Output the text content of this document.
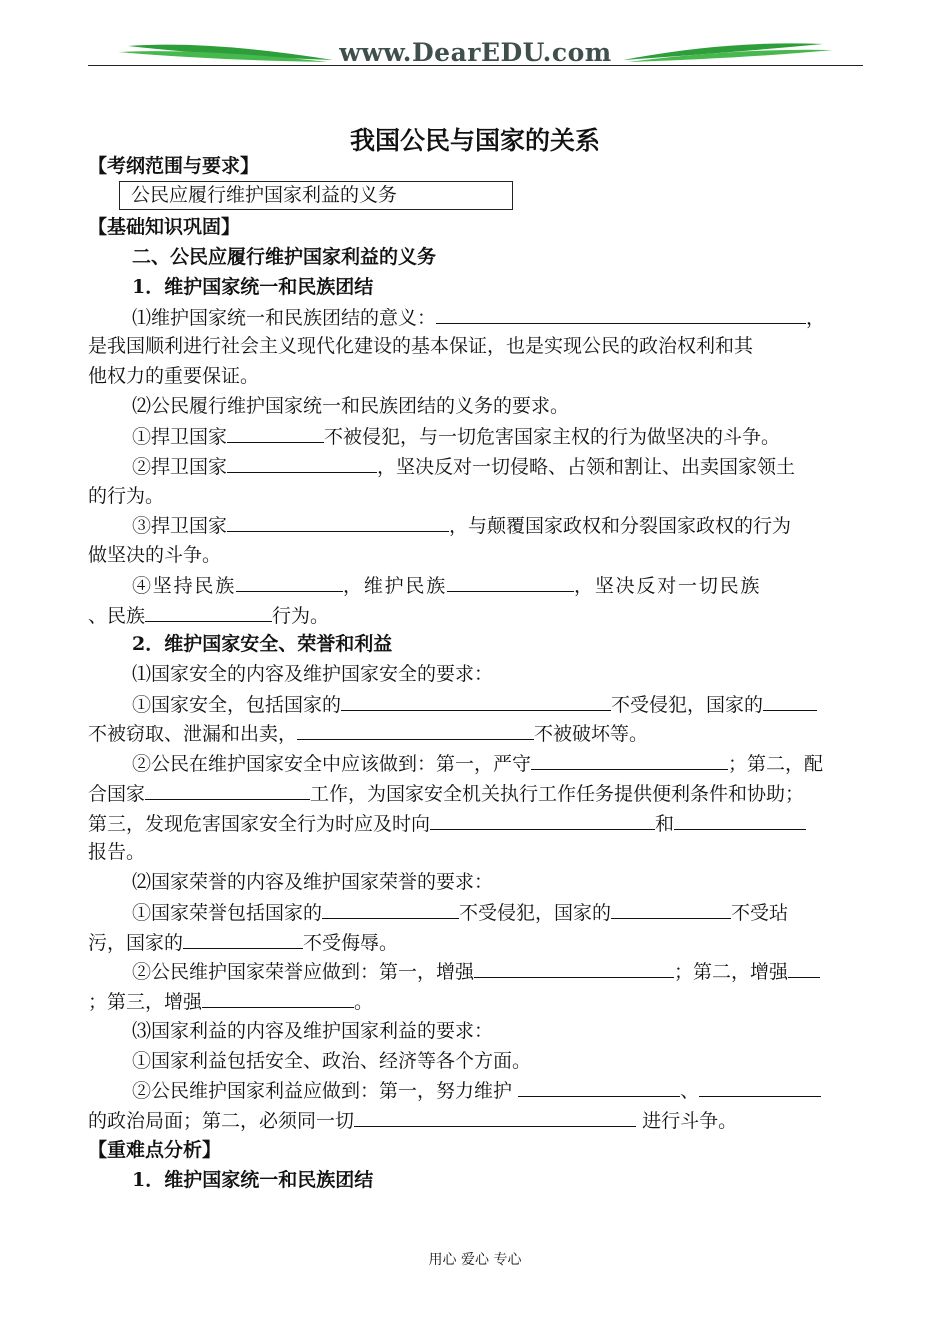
www.DearEDU.com
我国公民与国家的关系
【考纲范围与要求】
公民应履行维护国家利益的义务
【基础知识巩固】
二、公民应履行维护国家利益的义务
1．维护国家统一和民族团结
⑴维护国家统一和民族团结的意义：	，
是我国顺利进行社会主义现代化建设的基本保证，也是实现公民的政治权利和其
他权力的重要保证。
⑵公民履行维护国家统一和民族团结的义务的要求。
①捍卫国家	不被侵犯，与一切危害国家主权的行为做坚决的斗争。
②捍卫国家	，坚决反对一切侵略、占领和割让、出卖国家领土
的行为。
③捍卫国家	，与颠覆国家政权和分裂国家政权的行为
做坚决的斗争。
④坚持民族	，维护民族	，坚决反对一切民族
、民族	行为。
2．维护国家安全、荣誉和利益
⑴国家安全的内容及维护国家安全的要求：
①国家安全，包括国家的	不受侵犯，国家的
不被窃取、泄漏和出卖，	不被破坏等。
②公民在维护国家安全中应该做到：第一，严守	；第二，配
合国家	工作，为国家安全机关执行工作任务提供便利条件和协助；
第三，发现危害国家安全行为时应及时向	和
报告。
⑵国家荣誉的内容及维护国家荣誉的要求：
①国家荣誉包括国家的	不受侵犯，国家的	不受玷
污，国家的	不受侮辱。
②公民维护国家荣誉应做到：第一，增强	；第二，增强
；第三，增强	。
⑶国家利益的内容及维护国家利益的要求：
①国家利益包括安全、政治、经济等各个方面。
②公民维护国家利益应做到：第一，努力维护	、
的政治局面；第二，必须同一切	进行斗争。
【重难点分析】
1．维护国家统一和民族团结
用心 爱心 专心
